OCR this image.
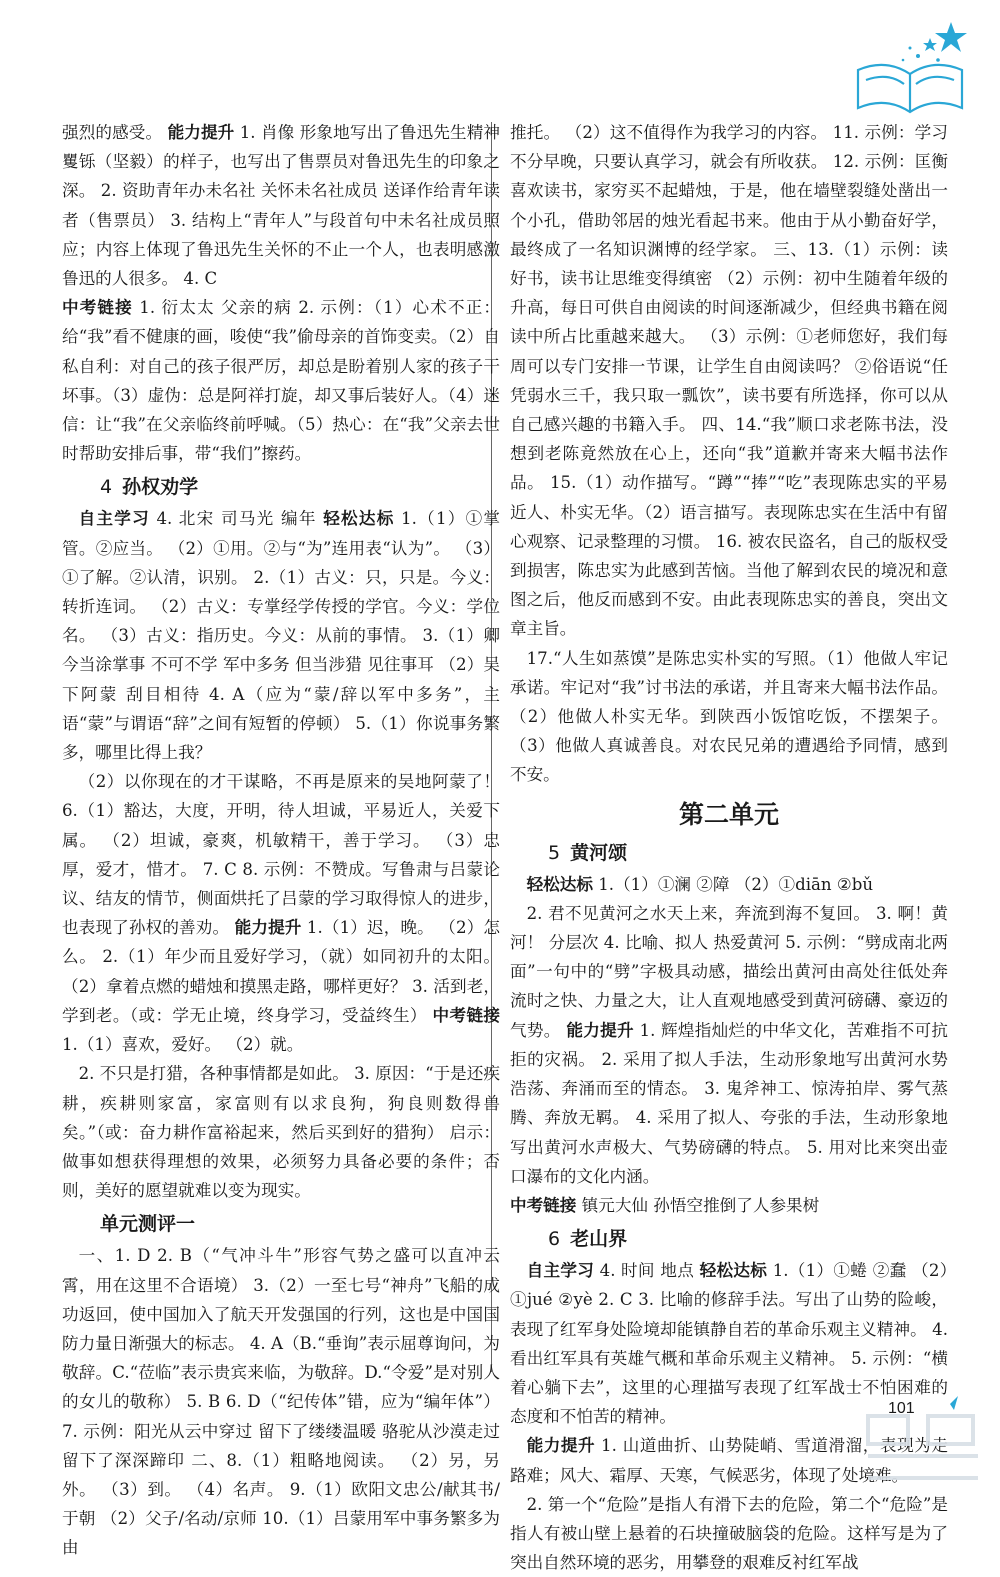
强烈的感受。 能力提升 1. 肖像 形象地写出了鲁迅先生精神矍铄（坚毅）的样子，也写出了售票员对鲁迅先生的印象之深。 2. 资助青年办未名社 关怀未名社成员 送译作给青年读者（售票员） 3. 结构上“青年人”与段首句中未名社成员照应；内容上体现了鲁迅先生关怀的不止一个人，也表明感激鲁迅的人很多。 4. C

中考链接 1. 衍太太 父亲的病 2. 示例：（1）心术不正：给“我”看不健康的画，唆使“我”偷母亲的首饰变卖。（2）自私自利：对自己的孩子很严厉，却总是盼着别人家的孩子干坏事。（3）虚伪：总是阿祥打旋，却又事后装好人。（4）迷信：让“我”在父亲临终前呼喊。（5）热心：在“我”父亲去世时帮助安排后事，带“我们”擦药。

4 孙权劝学

自主学习 4. 北宋 司马光 编年 轻松达标 1.（1）①掌管。②应当。 （2）①用。②与“为”连用表“认为”。 （3）①了解。②认清，识别。 2.（1）古义：只，只是。今义：转折连词。 （2）古义：专掌经学传授的学官。今义：学位名。 （3）古义：指历史。今义：从前的事情。 3.（1）卿今当涂掌事 不可不学 军中多务 但当涉猎 见往事耳 （2）吴下阿蒙 刮目相待 4. A（应为“蒙/辞以军中多务”，主语“蒙”与谓语“辞”之间有短暂的停顿） 5.（1）你说事务繁多，哪里比得上我？

（2）以你现在的才干谋略，不再是原来的吴地阿蒙了！6.（1）豁达，大度，开明，待人坦诚，平易近人，关爱下属。 （2）坦诚，豪爽，机敏精干，善于学习。 （3）忠厚，爱才，惜才。 7. C 8. 示例：不赞成。写鲁肃与吕蒙论议、结友的情节，侧面烘托了吕蒙的学习取得惊人的进步，也表现了孙权的善劝。 能力提升 1.（1）迟，晚。 （2）怎么。 2.（1）年少而且爱好学习，（就）如同初升的太阳。 （2）拿着点燃的蜡烛和摸黑走路，哪样更好？ 3. 活到老，学到老。（或：学无止境，终身学习，受益终生） 中考链接 1.（1）喜欢，爱好。 （2）就。

2. 不只是打猎，各种事情都是如此。 3. 原因：“于是还疾耕，疾耕则家富，家富则有以求良狗，狗良则数得兽矣。”（或：奋力耕作富裕起来，然后买到好的猎狗） 启示：做事如想获得理想的效果，必须努力具备必要的条件；否则，美好的愿望就难以变为现实。

单元测评一

一、1. D 2. B（“气冲斗牛”形容气势之盛可以直冲云霄，用在这里不合语境） 3.（2）一至七号“神舟”飞船的成功返回，使中国加入了航天开发强国的行列，这也是中国国防力量日渐强大的标志。 4. A（B.“垂询”表示屈尊询问，为敬辞。C.“莅临”表示贵宾来临，为敬辞。D.“令爱”是对别人的女儿的敬称） 5. B 6. D（“纪传体”错，应为“编年体”） 7. 示例：阳光从云中穿过 留下了缕缕温暖 骆驼从沙漠走过 留下了深深蹄印 二、8.（1）粗略地阅读。 （2）另，另外。 （3）到。 （4）名声。 9.（1）欧阳文忠公/献其书/于朝 （2）父子/名动/京师 10.（1）吕蒙用军中事务繁多为由

推托。 （2）这不值得作为我学习的内容。 11. 示例：学习不分早晚，只要认真学习，就会有所收获。 12. 示例：匡衡喜欢读书，家穷买不起蜡烛，于是，他在墙壁裂缝处凿出一个小孔，借助邻居的烛光看起书来。他由于从小勤奋好学，最终成了一名知识渊博的经学家。 三、13.（1）示例：读好书，读书让思维变得缜密 （2）示例：初中生随着年级的升高，每日可供自由阅读的时间逐渐减少，但经典书籍在阅读中所占比重越来越大。 （3）示例：①老师您好，我们每周可以专门安排一节课，让学生自由阅读吗？ ②俗语说“任凭弱水三千，我只取一瓢饮”，读书要有所选择，你可以从自己感兴趣的书籍入手。 四、14.“我”顺口求老陈书法，没想到老陈竟然放在心上，还向“我”道歉并寄来大幅书法作品。 15.（1）动作描写。“蹲”“捧”“吃”表现陈忠实的平易近人、朴实无华。（2）语言描写。表现陈忠实在生活中有留心观察、记录整理的习惯。 16. 被农民盗名，自己的版权受到损害，陈忠实为此感到苦恼。当他了解到农民的境况和意图之后，他反而感到不安。由此表现陈忠实的善良，突出文章主旨。

17.“人生如蒸馍”是陈忠实朴实的写照。（1）他做人牢记承诺。牢记对“我”讨书法的承诺，并且寄来大幅书法作品。 （2）他做人朴实无华。到陕西小饭馆吃饭，不摆架子。 （3）他做人真诚善良。对农民兄弟的遭遇给予同情，感到不安。

第二单元
5 黄河颂

轻松达标 1.（1）①澜 ②障 （2）①diān ②bǔ

2. 君不见黄河之水天上来，奔流到海不复回。 3. 啊！黄河！ 分层次 4. 比喻、拟人 热爱黄河 5. 示例：“劈成南北两面”一句中的“劈”字极具动感，描绘出黄河由高处往低处奔流时之快、力量之大，让人直观地感受到黄河磅礴、豪迈的气势。 能力提升 1. 辉煌指灿烂的中华文化，苦难指不可抗拒的灾祸。 2. 采用了拟人手法，生动形象地写出黄河水势浩荡、奔涌而至的情态。 3. 鬼斧神工、惊涛拍岸、雾气蒸腾、奔放无羁。 4. 采用了拟人、夸张的手法，生动形象地写出黄河水声极大、气势磅礴的特点。 5. 用对比来突出壶口瀑布的文化内涵。

中考链接 镇元大仙 孙悟空推倒了人参果树

6 老山界

自主学习 4. 时间 地点 轻松达标 1.（1）①蜷 ②蠢 （2）①jué ②yè 2. C 3. 比喻的修辞手法。写出了山势的险峻，表现了红军身处险境却能镇静自若的革命乐观主义精神。 4. 看出红军具有英雄气概和革命乐观主义精神。 5. 示例：“横着心躺下去”，这里的心理描写表现了红军战士不怕困难的态度和不怕苦的精神。

能力提升 1. 山道曲折、山势陡峭、雪道滑溜，表现为走路难；风大、霜厚、天寒，气候恶劣，体现了处境难。

2. 第一个“危险”是指人有滑下去的危险，第二个“危险”是指人有被山壁上悬着的石块撞破脑袋的危险。这样写是为了突出自然环境的恶劣，用攀登的艰难反衬红军战

101
